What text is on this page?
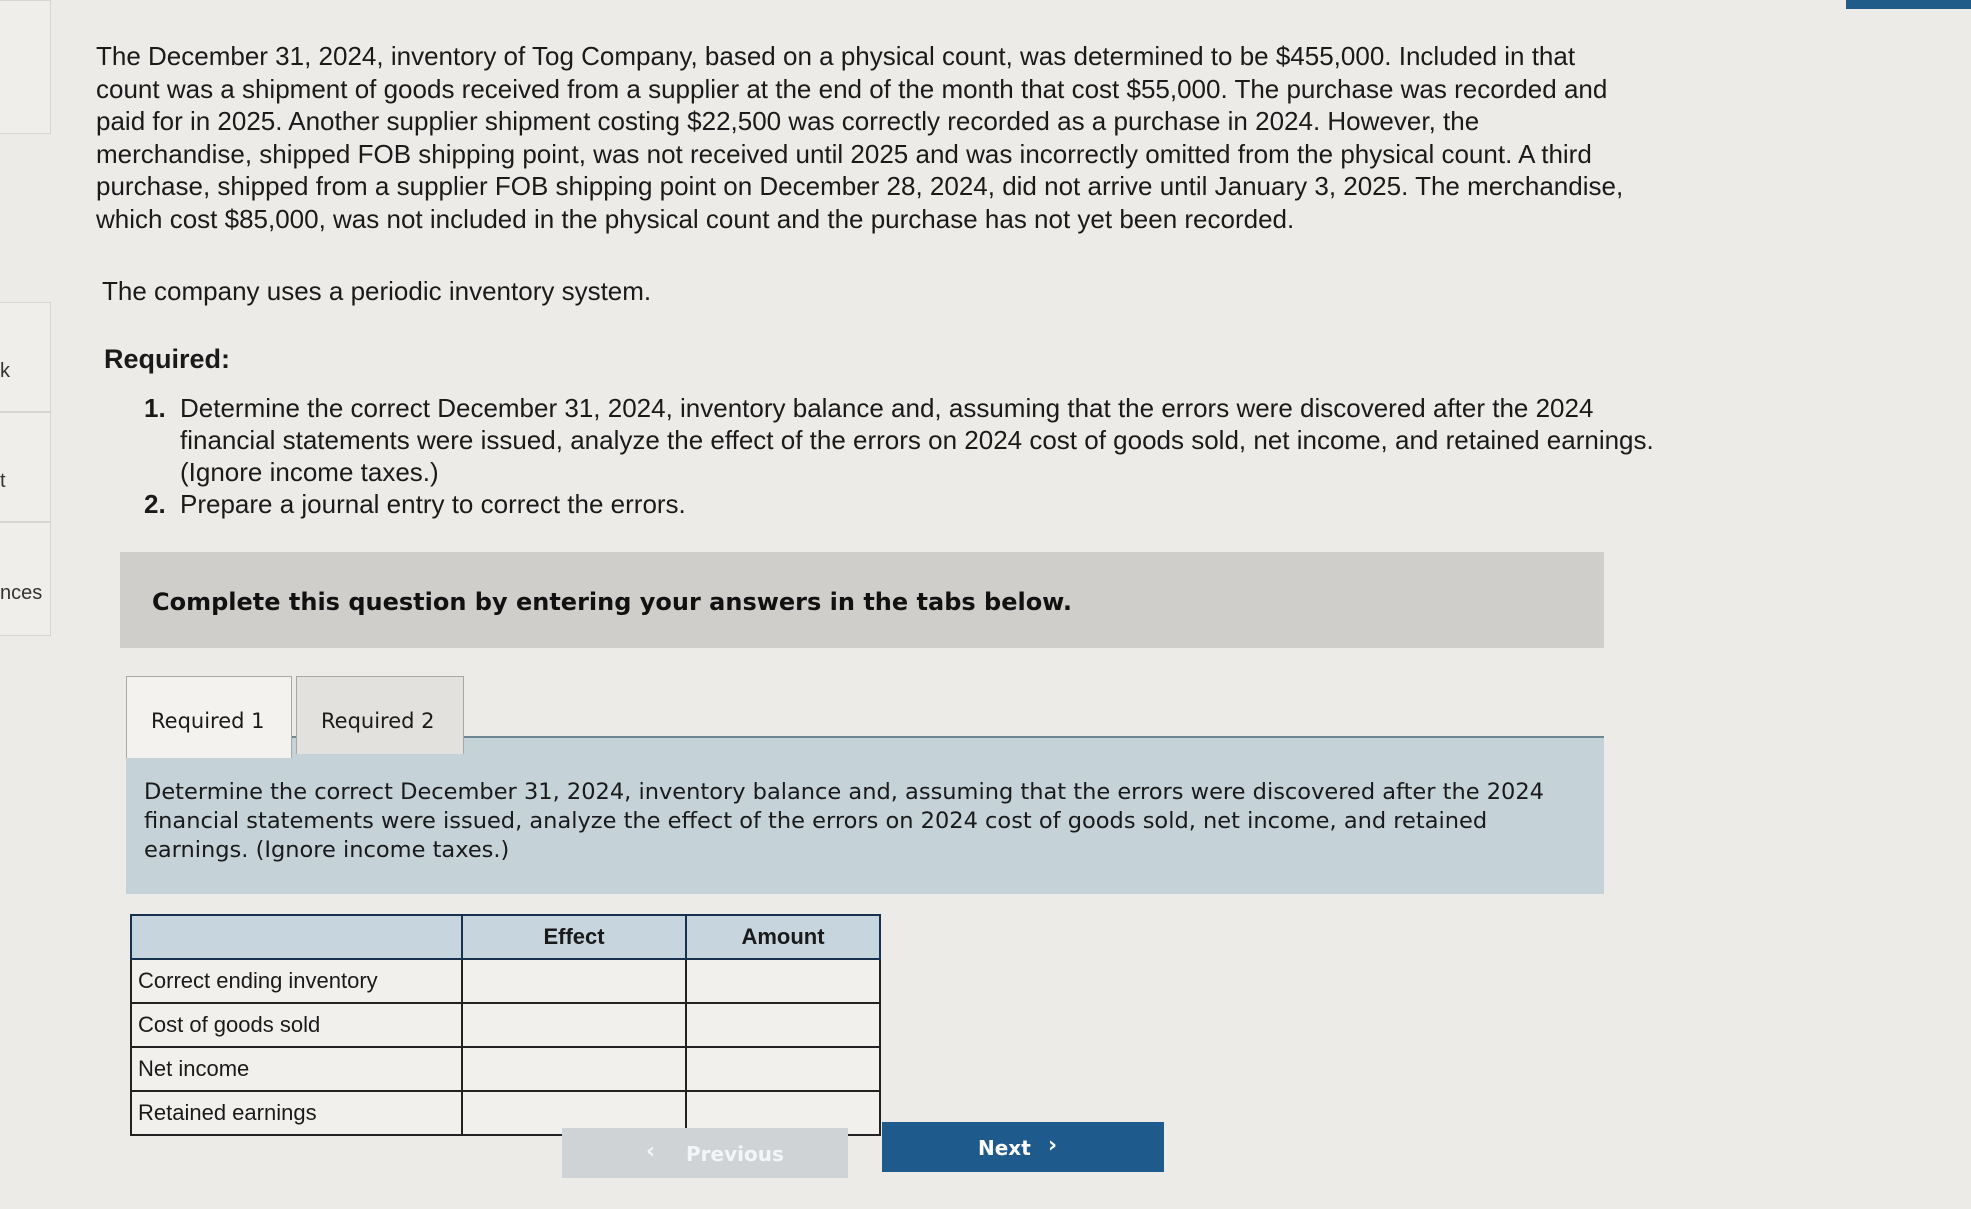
k
t
nces
The December 31, 2024, inventory of Tog Company, based on a physical count, was determined to be $455,000. Included in that
count was a shipment of goods received from a supplier at the end of the month that cost $55,000. The purchase was recorded and
paid for in 2025. Another supplier shipment costing $22,500 was correctly recorded as a purchase in 2024. However, the
merchandise, shipped FOB shipping point, was not received until 2025 and was incorrectly omitted from the physical count. A third
purchase, shipped from a supplier FOB shipping point on December 28, 2024, did not arrive until January 3, 2025. The merchandise,
which cost $85,000, was not included in the physical count and the purchase has not yet been recorded.
The company uses a periodic inventory system.
Required:
1. Determine the correct December 31, 2024, inventory balance and, assuming that the errors were discovered after the 2024
financial statements were issued, analyze the effect of the errors on 2024 cost of goods sold, net income, and retained earnings.
(Ignore income taxes.)
2. Prepare a journal entry to correct the errors.
Complete this question by entering your answers in the tabs below.
Determine the correct December 31, 2024, inventory balance and, assuming that the errors were discovered after the 2024
financial statements were issued, analyze the effect of the errors on 2024 cost of goods sold, net income, and retained
earnings. (Ignore income taxes.)
Required 1	Required 2
	Effect	Amount
Correct ending inventory		
Cost of goods sold		
Net income		
Retained earnings		
‹ Previous	Next ›
